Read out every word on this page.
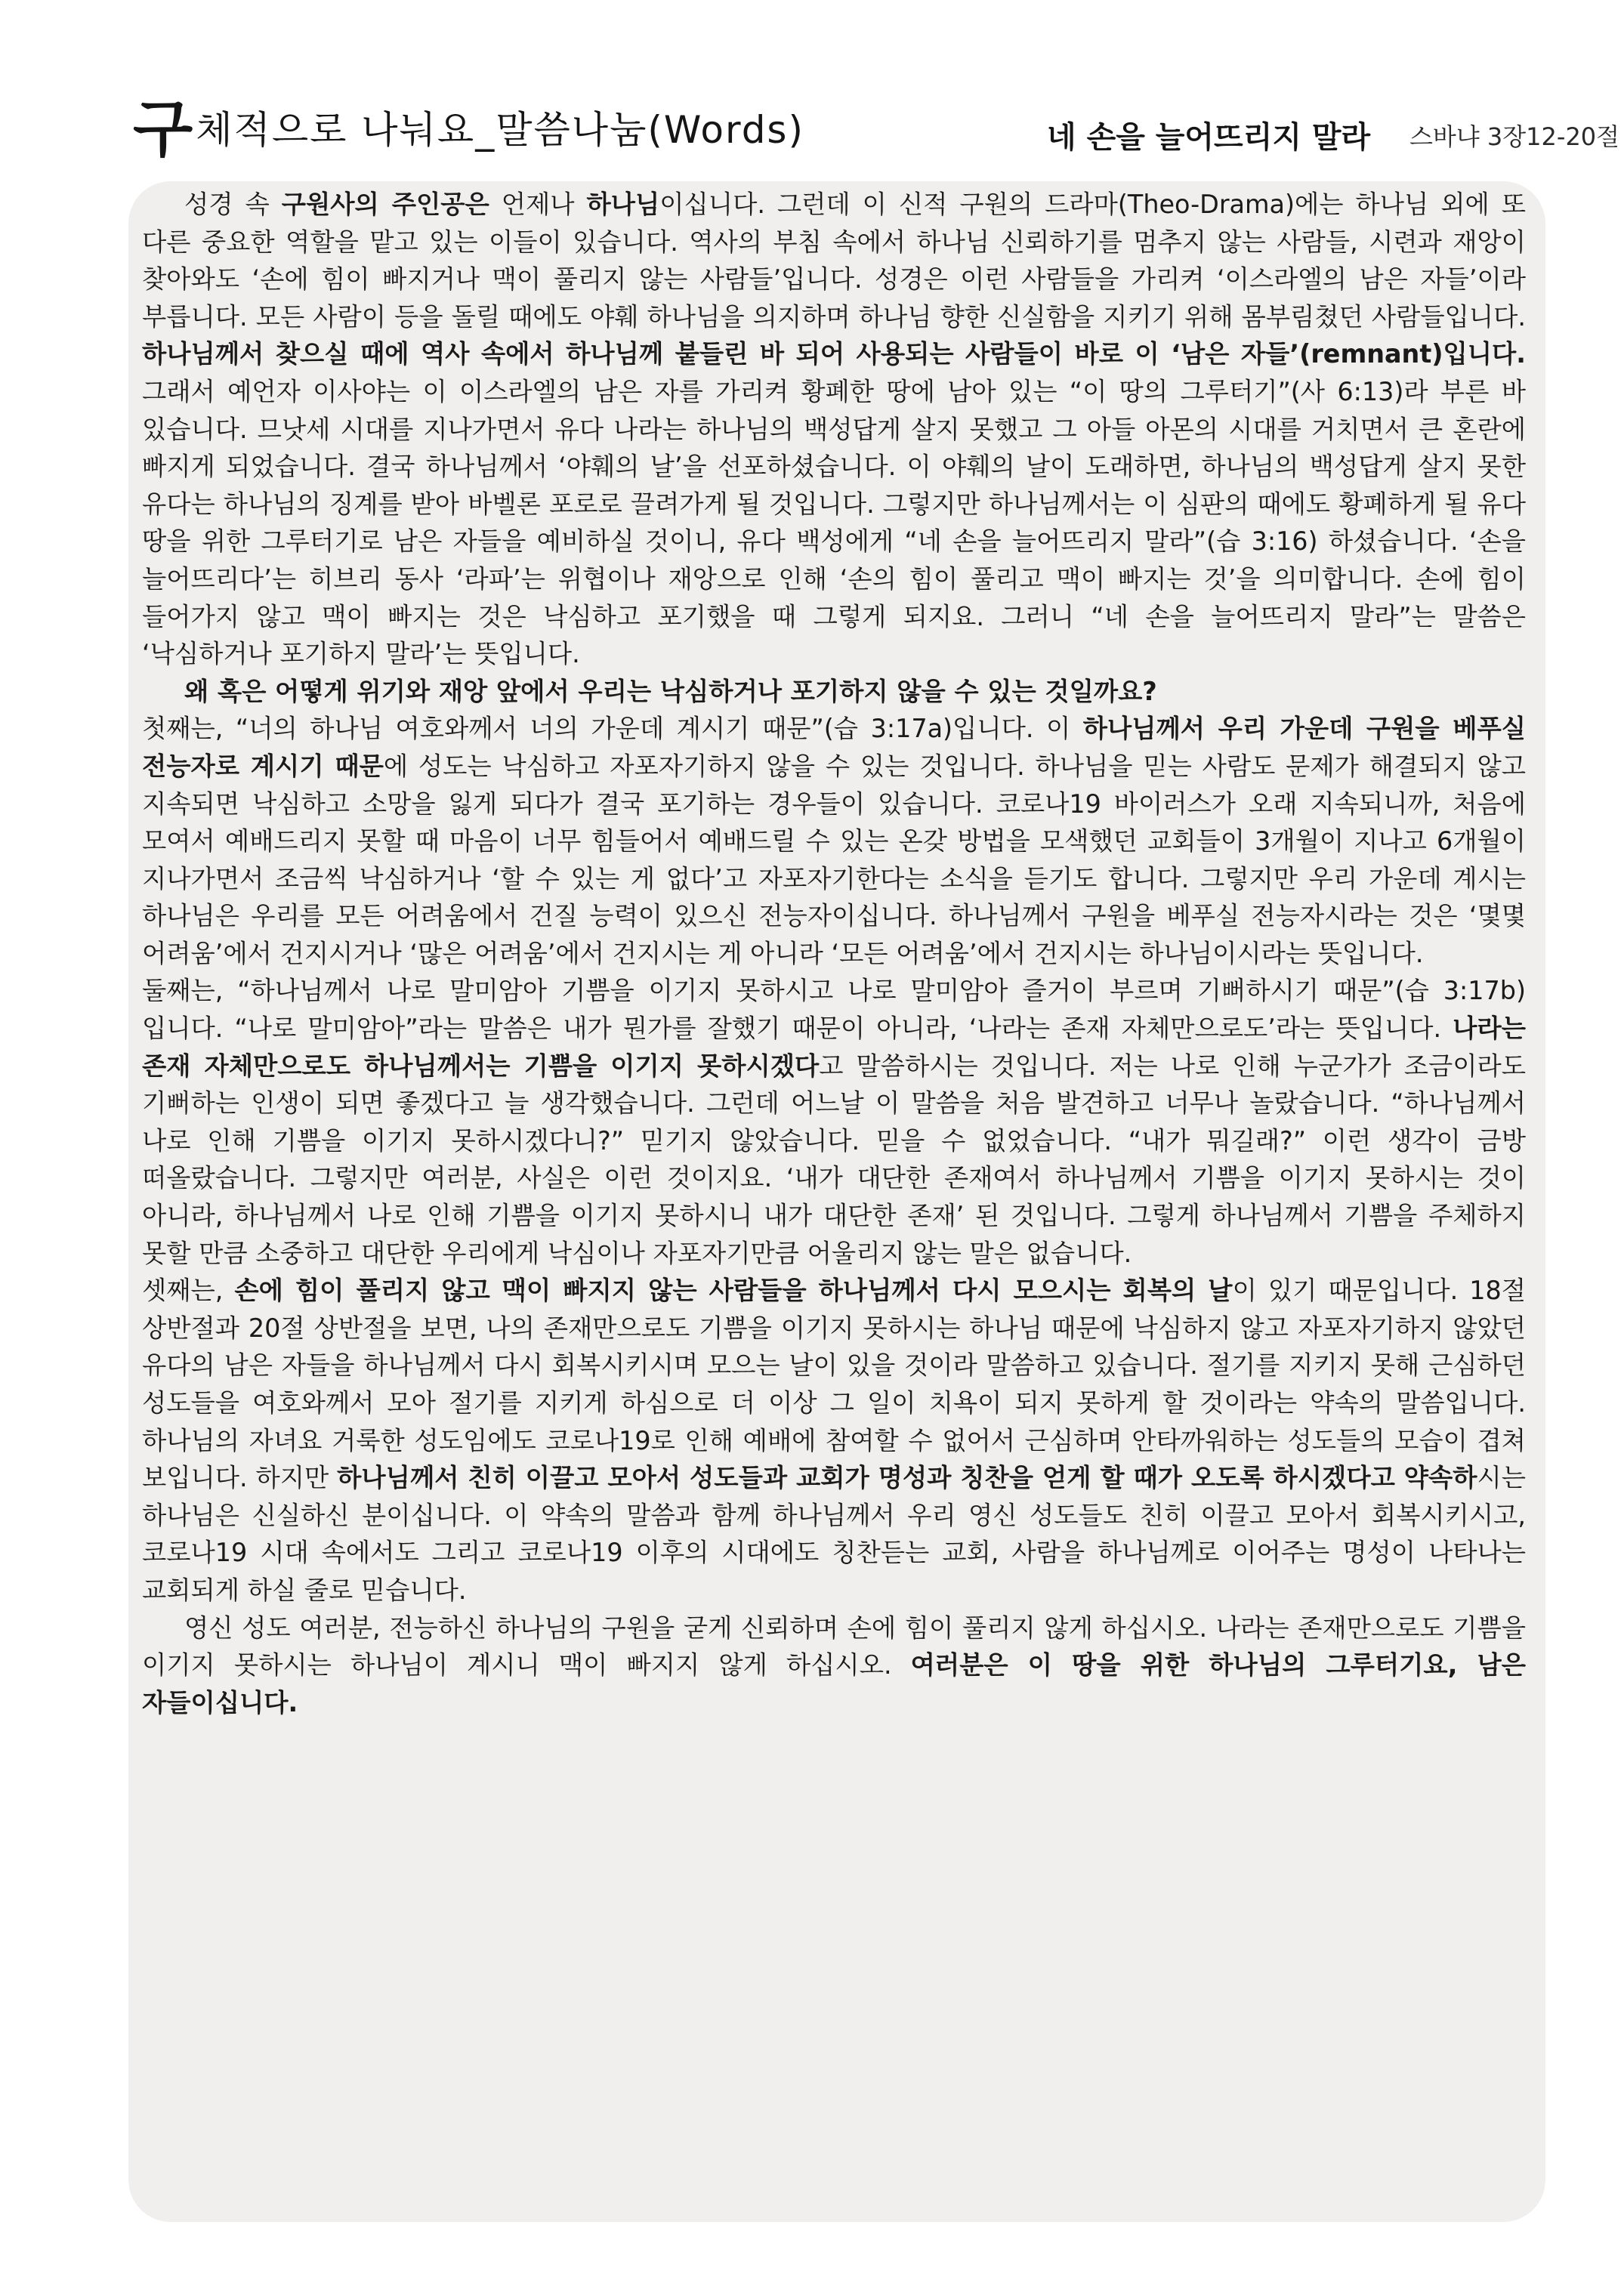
구체적으로 나눠요_말씀나눔(Words)	네 손을 늘어뜨리지 말라 스바냐 3장12-20절

성경 속 구원사의 주인공은 언제나 하나님이십니다. 그런데 이 신적 구원의 드라마(Theo-Drama)에는 하나님 외에 또 다른 중요한 역할을 맡고 있는 이들이 있습니다. 역사의 부침 속에서 하나님 신뢰하기를 멈추지 않는 사람들, 시련과 재앙이 찾아와도 ‘손에 힘이 빠지거나 맥이 풀리지 않는 사람들’입니다. 성경은 이런 사람들을 가리켜 ‘이스라엘의 남은 자들’이라 부릅니다. 모든 사람이 등을 돌릴 때에도 야훼 하나님을 의지하며 하나님 향한 신실함을 지키기 위해 몸부림쳤던 사람들입니다. 하나님께서 찾으실 때에 역사 속에서 하나님께 붙들린 바 되어 사용되는 사람들이 바로 이 ‘남은 자들’(remnant)입니다. 그래서 예언자 이사야는 이 이스라엘의 남은 자를 가리켜 황폐한 땅에 남아 있는 “이 땅의 그루터기”(사 6:13)라 부른 바 있습니다. 므낫세 시대를 지나가면서 유다 나라는 하나님의 백성답게 살지 못했고 그 아들 아몬의 시대를 거치면서 큰 혼란에 빠지게 되었습니다. 결국 하나님께서 ‘야훼의 날’을 선포하셨습니다. 이 야훼의 날이 도래하면, 하나님의 백성답게 살지 못한 유다는 하나님의 징계를 받아 바벨론 포로로 끌려가게 될 것입니다. 그렇지만 하나님께서는 이 심판의 때에도 황폐하게 될 유다 땅을 위한 그루터기로 남은 자들을 예비하실 것이니, 유다 백성에게 “네 손을 늘어뜨리지 말라”(습 3:16) 하셨습니다. ‘손을 늘어뜨리다’는 히브리 동사 ‘라파’는 위협이나 재앙으로 인해 ‘손의 힘이 풀리고 맥이 빠지는 것’을 의미합니다. 손에 힘이 들어가지 않고 맥이 빠지는 것은 낙심하고 포기했을 때 그렇게 되지요. 그러니 “네 손을 늘어뜨리지 말라”는 말씀은 ‘낙심하거나 포기하지 말라’는 뜻입니다.

왜 혹은 어떻게 위기와 재앙 앞에서 우리는 낙심하거나 포기하지 않을 수 있는 것일까요?

첫째는, “너의 하나님 여호와께서 너의 가운데 계시기 때문”(습 3:17a)입니다. 이 하나님께서 우리 가운데 구원을 베푸실 전능자로 계시기 때문에 성도는 낙심하고 자포자기하지 않을 수 있는 것입니다. 하나님을 믿는 사람도 문제가 해결되지 않고 지속되면 낙심하고 소망을 잃게 되다가 결국 포기하는 경우들이 있습니다. 코로나19 바이러스가 오래 지속되니까, 처음에 모여서 예배드리지 못할 때 마음이 너무 힘들어서 예배드릴 수 있는 온갖 방법을 모색했던 교회들이 3개월이 지나고 6개월이 지나가면서 조금씩 낙심하거나 ‘할 수 있는 게 없다’고 자포자기한다는 소식을 듣기도 합니다. 그렇지만 우리 가운데 계시는 하나님은 우리를 모든 어려움에서 건질 능력이 있으신 전능자이십니다. 하나님께서 구원을 베푸실 전능자시라는 것은 ‘몇몇 어려움’에서 건지시거나 ‘많은 어려움’에서 건지시는 게 아니라 ‘모든 어려움’에서 건지시는 하나님이시라는 뜻입니다.

둘째는, “하나님께서 나로 말미암아 기쁨을 이기지 못하시고 나로 말미암아 즐거이 부르며 기뻐하시기 때문”(습 3:17b)입니다. “나로 말미암아”라는 말씀은 내가 뭔가를 잘했기 때문이 아니라, ‘나라는 존재 자체만으로도’라는 뜻입니다. 나라는 존재 자체만으로도 하나님께서는 기쁨을 이기지 못하시겠다고 말씀하시는 것입니다. 저는 나로 인해 누군가가 조금이라도 기뻐하는 인생이 되면 좋겠다고 늘 생각했습니다. 그런데 어느날 이 말씀을 처음 발견하고 너무나 놀랐습니다. “하나님께서 나로 인해 기쁨을 이기지 못하시겠다니?” 믿기지 않았습니다. 믿을 수 없었습니다. “내가 뭐길래?” 이런 생각이 금방 떠올랐습니다. 그렇지만 여러분, 사실은 이런 것이지요. ‘내가 대단한 존재여서 하나님께서 기쁨을 이기지 못하시는 것이 아니라, 하나님께서 나로 인해 기쁨을 이기지 못하시니 내가 대단한 존재’ 된 것입니다. 그렇게 하나님께서 기쁨을 주체하지 못할 만큼 소중하고 대단한 우리에게 낙심이나 자포자기만큼 어울리지 않는 말은 없습니다.

셋째는, 손에 힘이 풀리지 않고 맥이 빠지지 않는 사람들을 하나님께서 다시 모으시는 회복의 날이 있기 때문입니다. 18절 상반절과 20절 상반절을 보면, 나의 존재만으로도 기쁨을 이기지 못하시는 하나님 때문에 낙심하지 않고 자포자기하지 않았던 유다의 남은 자들을 하나님께서 다시 회복시키시며 모으는 날이 있을 것이라 말씀하고 있습니다. 절기를 지키지 못해 근심하던 성도들을 여호와께서 모아 절기를 지키게 하심으로 더 이상 그 일이 치욕이 되지 못하게 할 것이라는 약속의 말씀입니다. 하나님의 자녀요 거룩한 성도임에도 코로나19로 인해 예배에 참여할 수 없어서 근심하며 안타까워하는 성도들의 모습이 겹쳐 보입니다. 하지만 하나님께서 친히 이끌고 모아서 성도들과 교회가 명성과 칭찬을 얻게 할 때가 오도록 하시겠다고 약속하시는 하나님은 신실하신 분이십니다. 이 약속의 말씀과 함께 하나님께서 우리 영신 성도들도 친히 이끌고 모아서 회복시키시고, 코로나19 시대 속에서도 그리고 코로나19 이후의 시대에도 칭찬듣는 교회, 사람을 하나님께로 이어주는 명성이 나타나는 교회되게 하실 줄로 믿습니다.

영신 성도 여러분, 전능하신 하나님의 구원을 굳게 신뢰하며 손에 힘이 풀리지 않게 하십시오. 나라는 존재만으로도 기쁨을 이기지 못하시는 하나님이 계시니 맥이 빠지지 않게 하십시오. 여러분은 이 땅을 위한 하나님의 그루터기요, 남은 자들이십니다.
